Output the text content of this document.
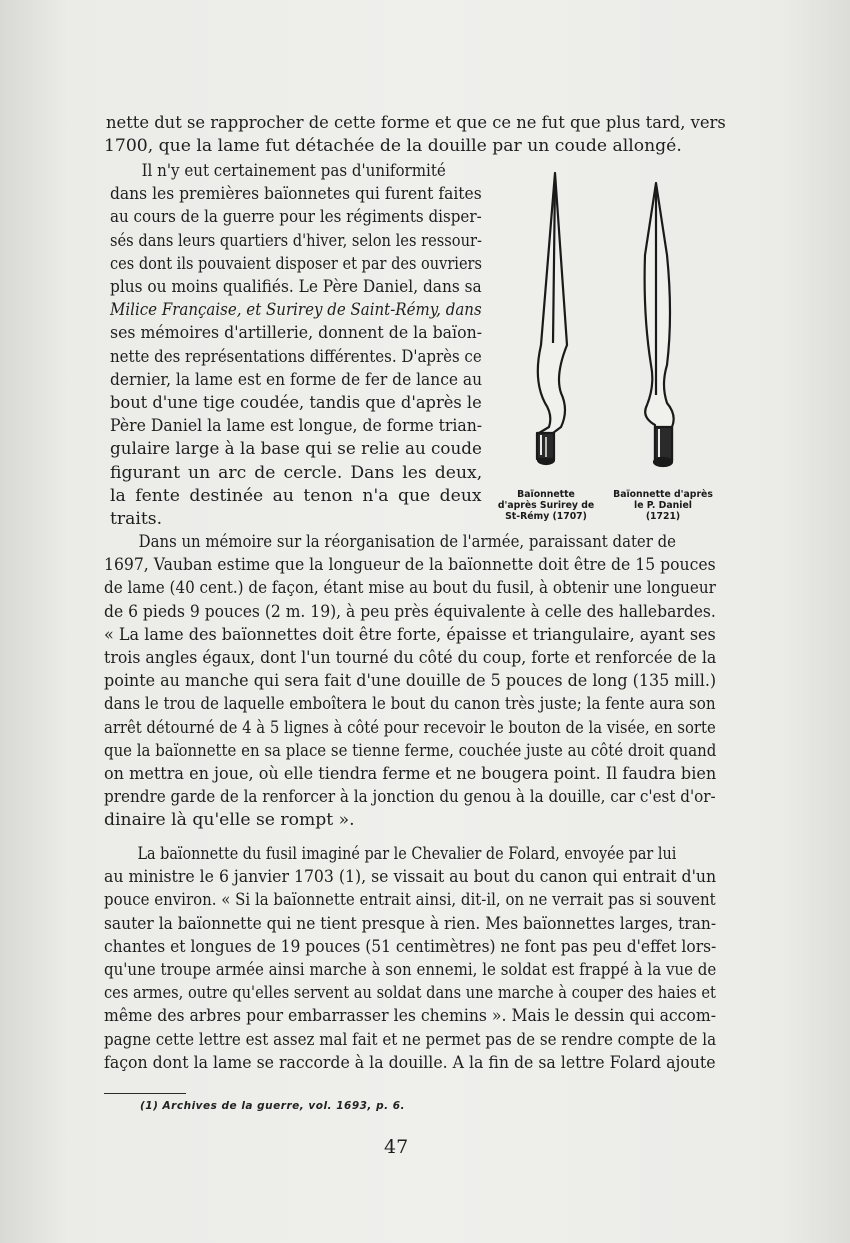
nette dut se rapprocher de cette forme et que ce ne fut que plus tard, vers
1700, que la lame fut détachée de la douille par un coude allongé.

Il n'y eut certainement pas d'uniformité
dans les premières baïonnetes qui furent faites
au cours de la guerre pour les régiments disper-
sés dans leurs quartiers d'hiver, selon les ressour-
ces dont ils pouvaient disposer et par des ouvriers
plus ou moins qualifiés. Le Père Daniel, dans sa
Milice Française, et Surirey de Saint-Rémy, dans
ses mémoires d'artillerie, donnent de la baïon-
nette des représentations différentes. D'après ce
dernier, la lame est en forme de fer de lance au
bout d'une tige coudée, tandis que d'après le
Père Daniel la lame est longue, de forme trian-
gulaire large à la base qui se relie au coude
figurant un arc de cercle. Dans les deux,
la fente destinée au tenon n'a que deux
traits.

Baïonnette
d'après Surirey de
St-Rémy (1707)
Baïonnette d'après
le P. Daniel
(1721)

Dans un mémoire sur la réorganisation de l'armée, paraissant dater de
1697, Vauban estime que la longueur de la baïonnette doit être de 15 pouces
de lame (40 cent.) de façon, étant mise au bout du fusil, à obtenir une longueur
de 6 pieds 9 pouces (2 m. 19), à peu près équivalente à celle des hallebardes.
« La lame des baïonnettes doit être forte, épaisse et triangulaire, ayant ses
trois angles égaux, dont l'un tourné du côté du coup, forte et renforcée de la
pointe au manche qui sera fait d'une douille de 5 pouces de long (135 mill.)
dans le trou de laquelle emboîtera le bout du canon très juste; la fente aura son
arrêt détourné de 4 à 5 lignes à côté pour recevoir le bouton de la visée, en sorte
que la baïonnette en sa place se tienne ferme, couchée juste au côté droit quand
on mettra en joue, où elle tiendra ferme et ne bougera point. Il faudra bien
prendre garde de la renforcer à la jonction du genou à la douille, car c'est d'or-
dinaire là qu'elle se rompt ».

La baïonnette du fusil imaginé par le Chevalier de Folard, envoyée par lui
au ministre le 6 janvier 1703 (1), se vissait au bout du canon qui entrait d'un
pouce environ. « Si la baïonnette entrait ainsi, dit-il, on ne verrait pas si souvent
sauter la baïonnette qui ne tient presque à rien. Mes baïonnettes larges, tran-
chantes et longues de 19 pouces (51 centimètres) ne font pas peu d'effet lors-
qu'une troupe armée ainsi marche à son ennemi, le soldat est frappé à la vue de
ces armes, outre qu'elles servent au soldat dans une marche à couper des haies et
même des arbres pour embarrasser les chemins ». Mais le dessin qui accom-
pagne cette lettre est assez mal fait et ne permet pas de se rendre compte de la
façon dont la lame se raccorde à la douille. A la fin de sa lettre Folard ajoute

(1) Archives de la guerre, vol. 1693, p. 6.
47
